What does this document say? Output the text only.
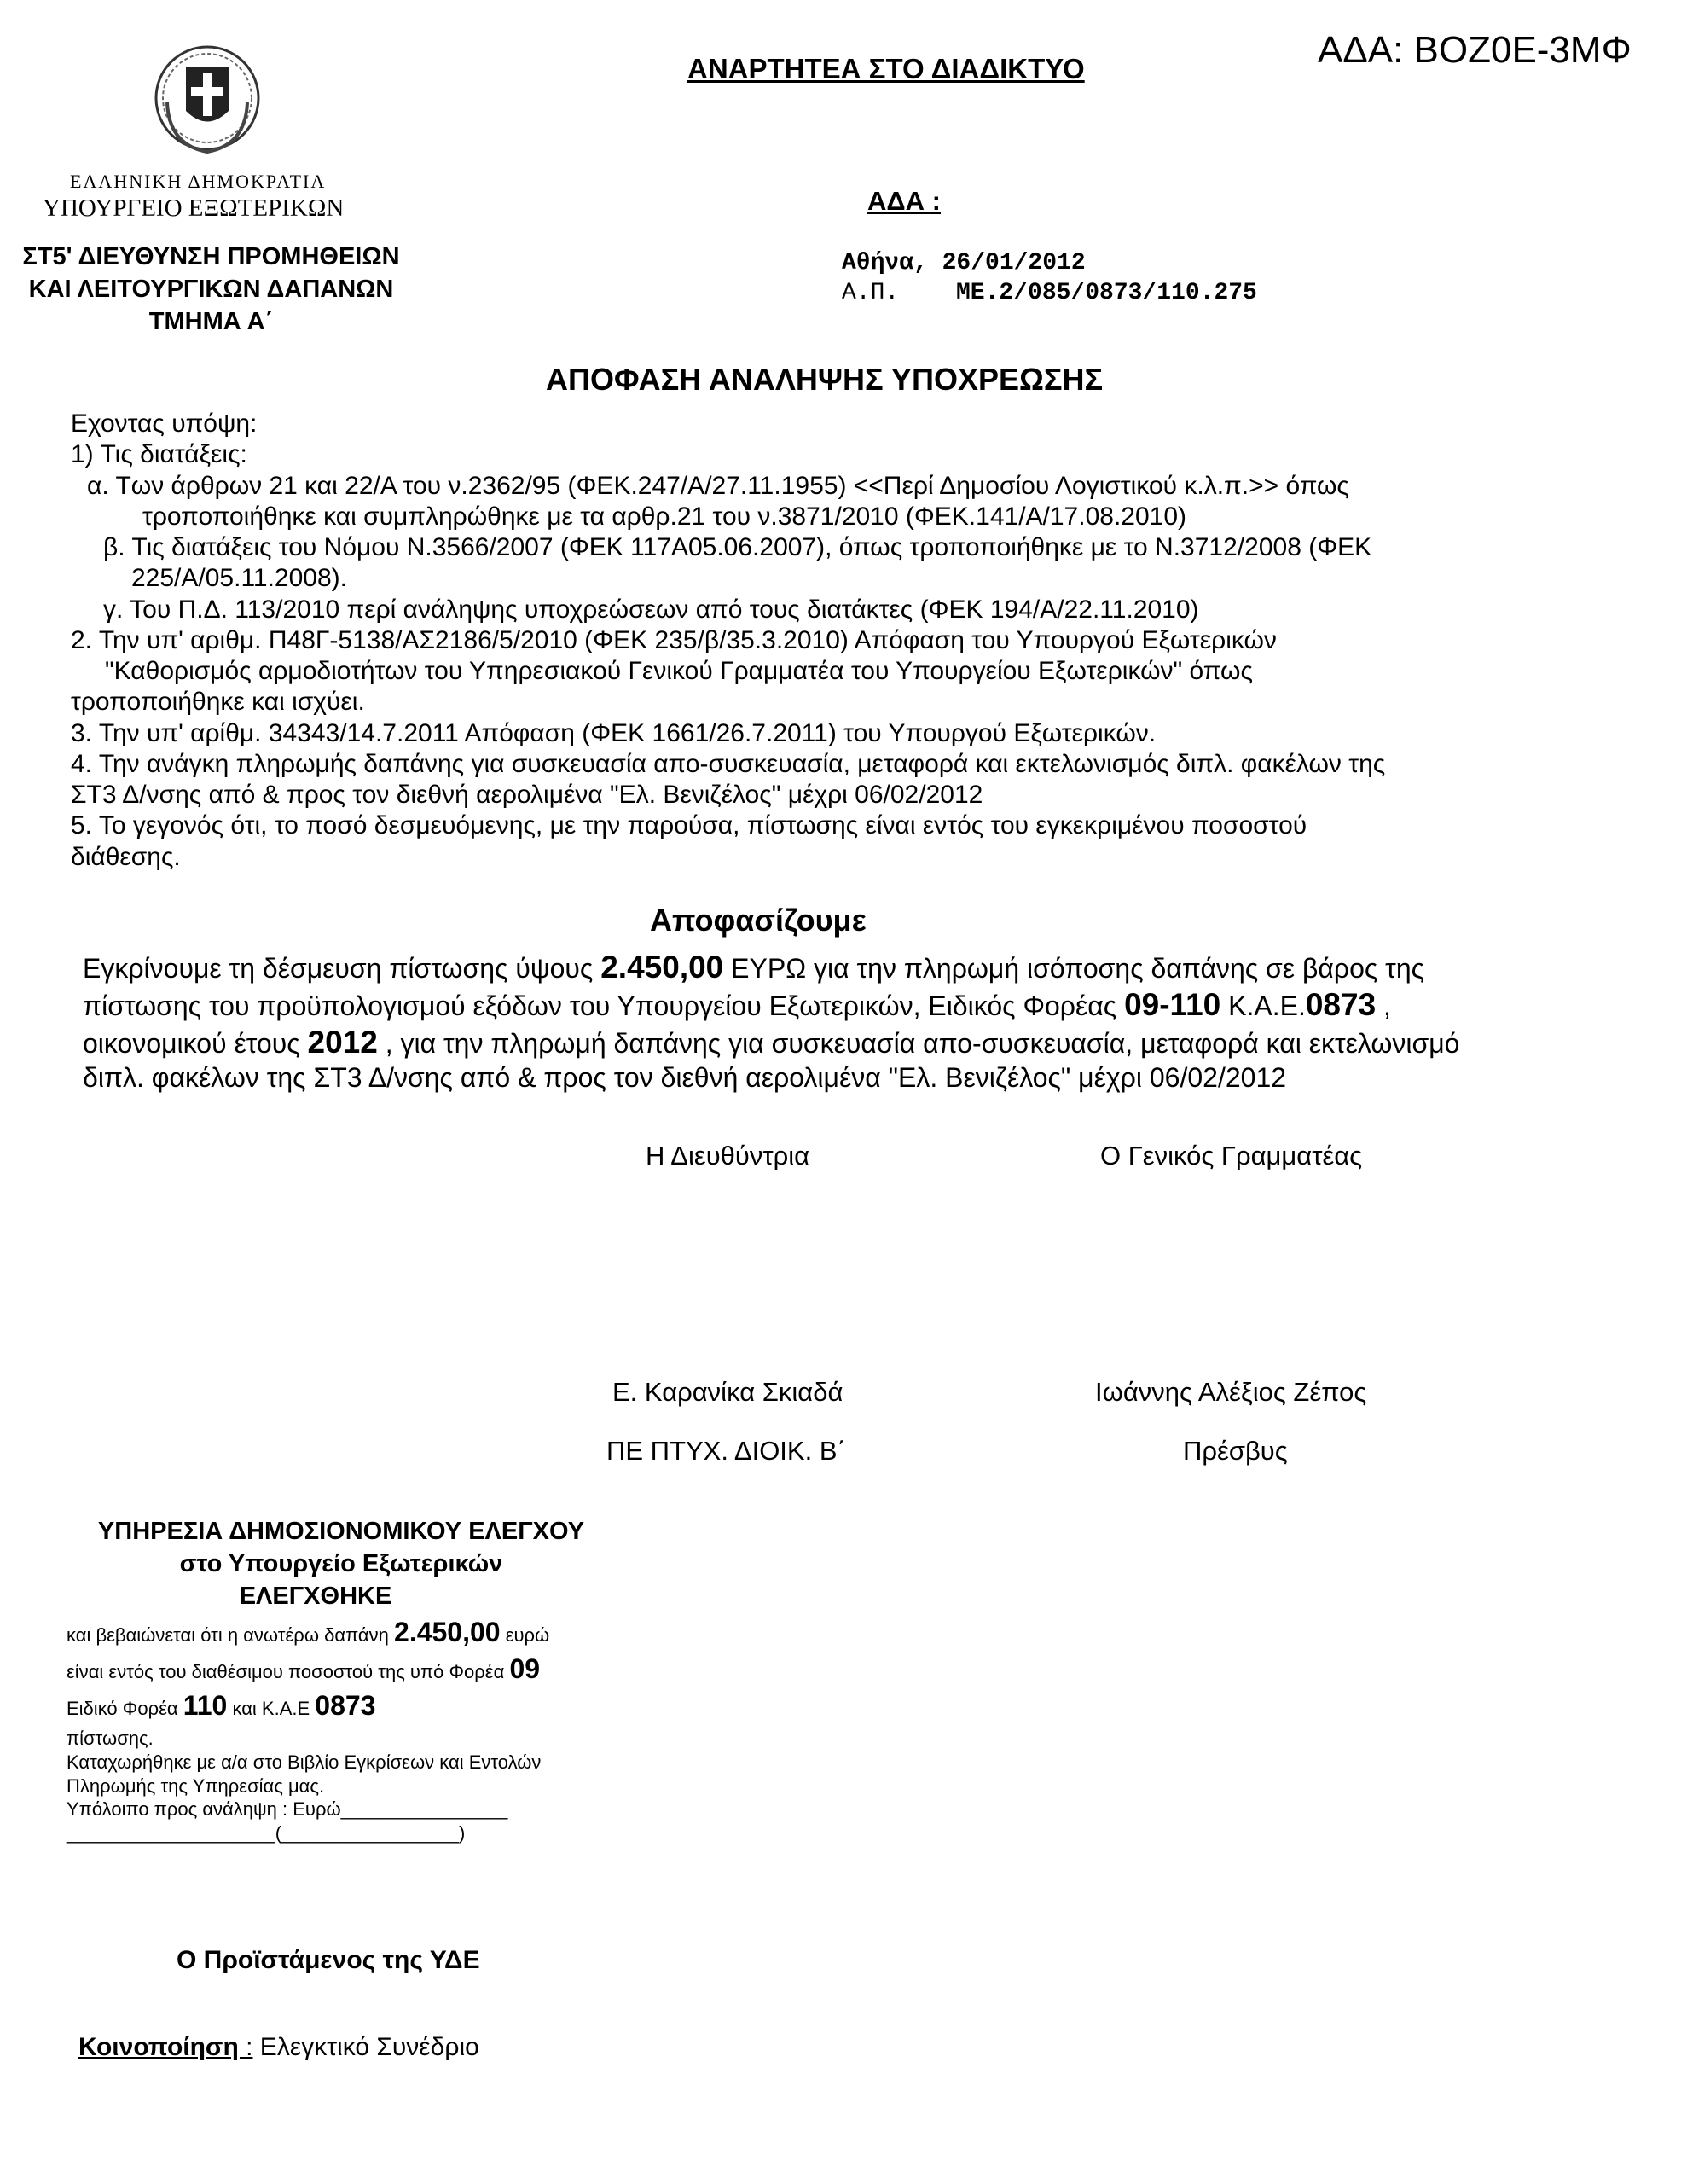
ΑΝΑΡΤΗΤΕΑ ΣΤΟ ΔΙΑΔΙΚΤΥΟ	ΑΔΑ: ΒΟΖ0Ε-3ΜΦ
ΕΛΛΗΝΙΚΗ ΔΗΜΟΚΡΑΤΙΑ
ΥΠΟΥΡΓΕΙΟ ΕΞΩΤΕΡΙΚΩΝ	ΑΔΑ :
ΣΤ5' ΔΙΕΥΘΥΝΣΗ ΠΡΟΜΗΘΕΙΩΝ
ΚΑΙ ΛΕΙΤΟΥΡΓΙΚΩΝ ΔΑΠΑΝΩΝ
ΤΜΗΜΑ Α΄
Αθήνα, 26/01/2012
Α.Π. ΜΕ.2/085/0873/110.275
ΑΠΟΦΑΣΗ ΑΝΑΛΗΨΗΣ ΥΠΟΧΡΕΩΣΗΣ
Εχοντας υπόψη:
1) Τις διατάξεις:
α. Των άρθρων 21 και 22/Α του ν.2362/95 (ΦΕΚ.247/Α/27.11.1955) <<Περί Δημοσίου Λογιστικού κ.λ.π.>> όπως
τροποποιήθηκε και συμπληρώθηκε με τα αρθρ.21 του ν.3871/2010 (ΦΕΚ.141/Α/17.08.2010)
β. Τις διατάξεις του Νόμου Ν.3566/2007 (ΦΕΚ 117Α05.06.2007), όπως τροποποιήθηκε με το Ν.3712/2008 (ΦΕΚ
225/Α/05.11.2008).
γ. Του Π.Δ. 113/2010 περί ανάληψης υποχρεώσεων από τους διατάκτες (ΦΕΚ 194/Α/22.11.2010)
2. Την υπ' αριθμ. Π48Γ-5138/ΑΣ2186/5/2010 (ΦΕΚ 235/β/35.3.2010) Απόφαση του Υπουργού Εξωτερικών
"Καθορισμός αρμοδιοτήτων του Υπηρεσιακού Γενικού Γραμματέα του Υπουργείου Εξωτερικών" όπως
τροποποιήθηκε και ισχύει.
3. Την υπ' αρίθμ. 34343/14.7.2011 Απόφαση (ΦΕΚ 1661/26.7.2011) του Υπουργού Εξωτερικών.
4. Την ανάγκη πληρωμής δαπάνης για συσκευασία απο-συσκευασία, μεταφορά και εκτελωνισμός διπλ. φακέλων της
ΣΤ3 Δ/νσης από & προς τον διεθνή αερολιμένα "Ελ. Βενιζέλος" μέχρι 06/02/2012
5. Το γεγονός ότι, το ποσό δεσμευόμενης, με την παρούσα, πίστωσης είναι εντός του εγκεκριμένου ποσοστού
διάθεσης.
Αποφασίζουμε
Εγκρίνουμε τη δέσμευση πίστωσης ύψους 2.450,00 ΕΥΡΩ για την πληρωμή ισόποσης δαπάνης σε βάρος της
πίστωσης του προϋπολογισμού εξόδων του Υπουργείου Εξωτερικών, Ειδικός Φορέας 09-110 Κ.Α.Ε.0873 ,
οικονομικού έτους 2012 , για την πληρωμή δαπάνης για συσκευασία απο-συσκευασία, μεταφορά και εκτελωνισμό
διπλ. φακέλων της ΣΤ3 Δ/νσης από & προς τον διεθνή αερολιμένα "Ελ. Βενιζέλος" μέχρι 06/02/2012
Η Διευθύντρια	Ο Γενικός Γραμματέας
Ε. Καρανίκα Σκιαδά	Ιωάννης Αλέξιος Ζέπος
ΠΕ ΠΤΥΧ. ΔΙΟΙΚ. Β΄	Πρέσβυς
ΥΠΗΡΕΣΙΑ ΔΗΜΟΣΙΟΝΟΜΙΚΟΥ ΕΛΕΓΧΟΥ
στο Υπουργείο Εξωτερικών
ΕΛΕΓΧΘΗΚΕ
και βεβαιώνεται ότι η ανωτέρω δαπάνη 2.450,00 ευρώ
είναι εντός του διαθέσιμου ποσοστού της υπό Φορέα 09
Ειδικό Φορέα 110 και Κ.Α.Ε 0873
πίστωσης.
Καταχωρήθηκε με α/α στο Βιβλίο Εγκρίσεων και Εντολών
Πληρωμής της Υπηρεσίας μας.
Υπόλοιπο προς ανάληψη : Ευρώ________________
____________________(_________________)
Ο Προϊστάμενος της ΥΔΕ
Κοινοποίηση : Ελεγκτικό Συνέδριο
